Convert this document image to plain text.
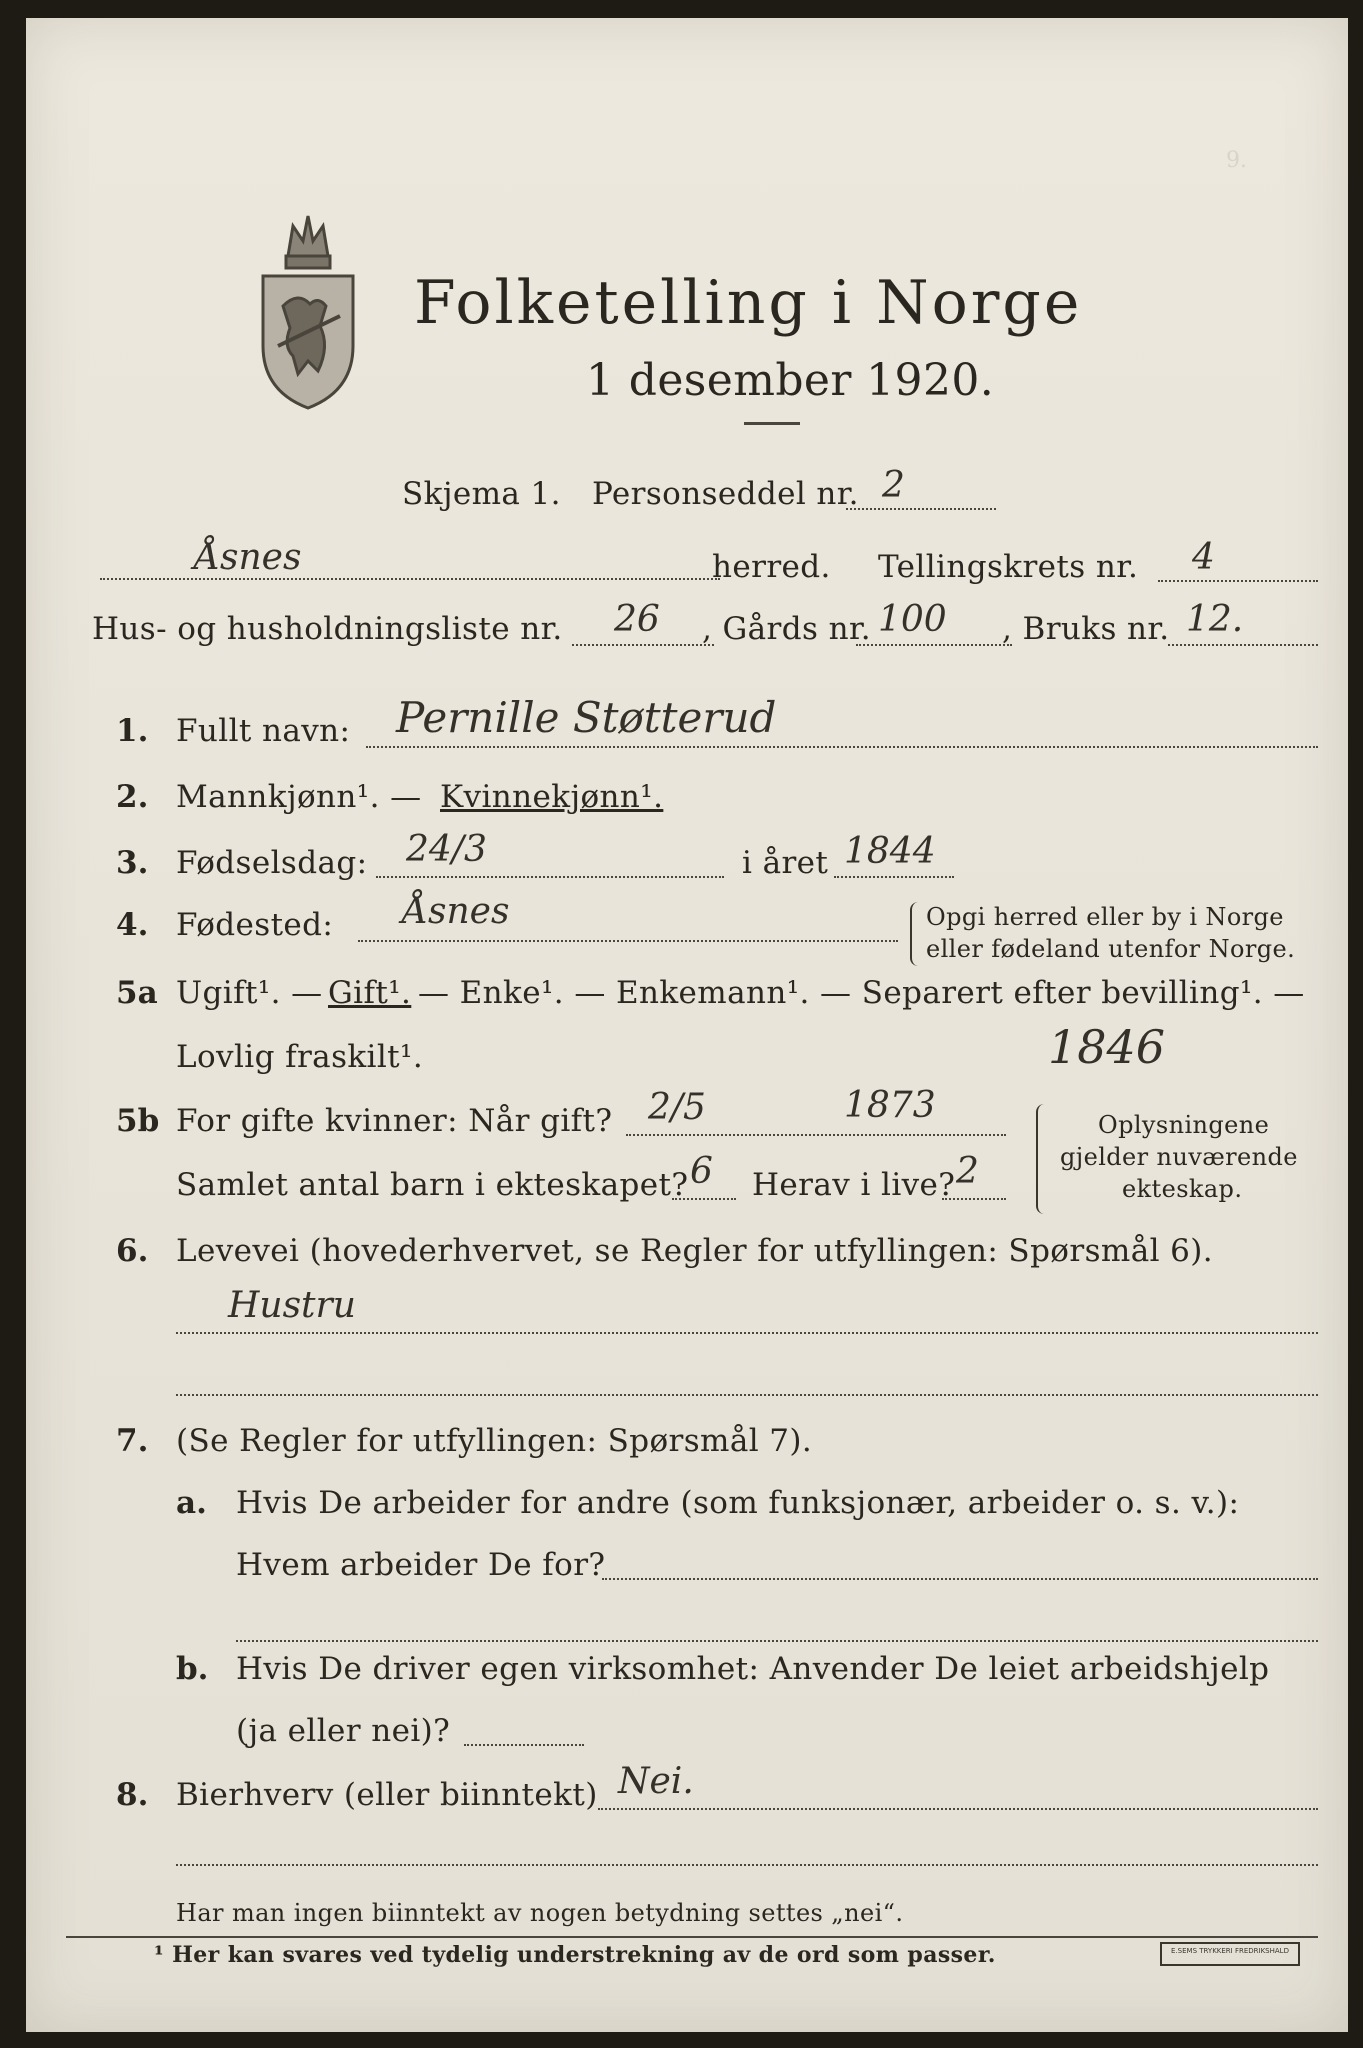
9.
Folketelling i Norge
1 desember 1920.
Skjema 1. Personseddel nr. 2
Åsnes	herred. Tellingskrets nr. 4
Hus- og husholdningsliste nr. 26 , Gårds nr. 100 , Bruks nr. 12.
1. Fullt navn: Pernille Støtterud
2. Mannkjønn¹. — Kvinnekjønn¹.
3. Fødselsdag: 24/3	i året 1844
4. Fødested: Åsnes	Opgi herred eller by i Norge
eller fødeland utenfor Norge.
5a Ugift¹. — Gift¹. — Enke¹. — Enkemann¹. — Separert efter bevilling¹. —
Lovlig fraskilt¹.	1846
5b For gifte kvinner: Når gift? 2/5	1873
Samlet antal barn i ekteskapet? 6 Herav i live? 2
Oplysningene
gjelder nuværende
ekteskap.
6. Levevei (hovederhvervet, se Regler for utfyllingen: Spørsmål 6).
Hustru
7. (Se Regler for utfyllingen: Spørsmål 7).
a. Hvis De arbeider for andre (som funksjonær, arbeider o. s. v.):
Hvem arbeider De for?
b. Hvis De driver egen virksomhet: Anvender De leiet arbeidshjelp
(ja eller nei)?
8. Bierhverv (eller biinntekt) Nei.
Har man ingen biinntekt av nogen betydning settes „nei“.
¹ Her kan svares ved tydelig understrekning av de ord som passer.	E.SEMS TRYKKERI FREDRIKSHALD
